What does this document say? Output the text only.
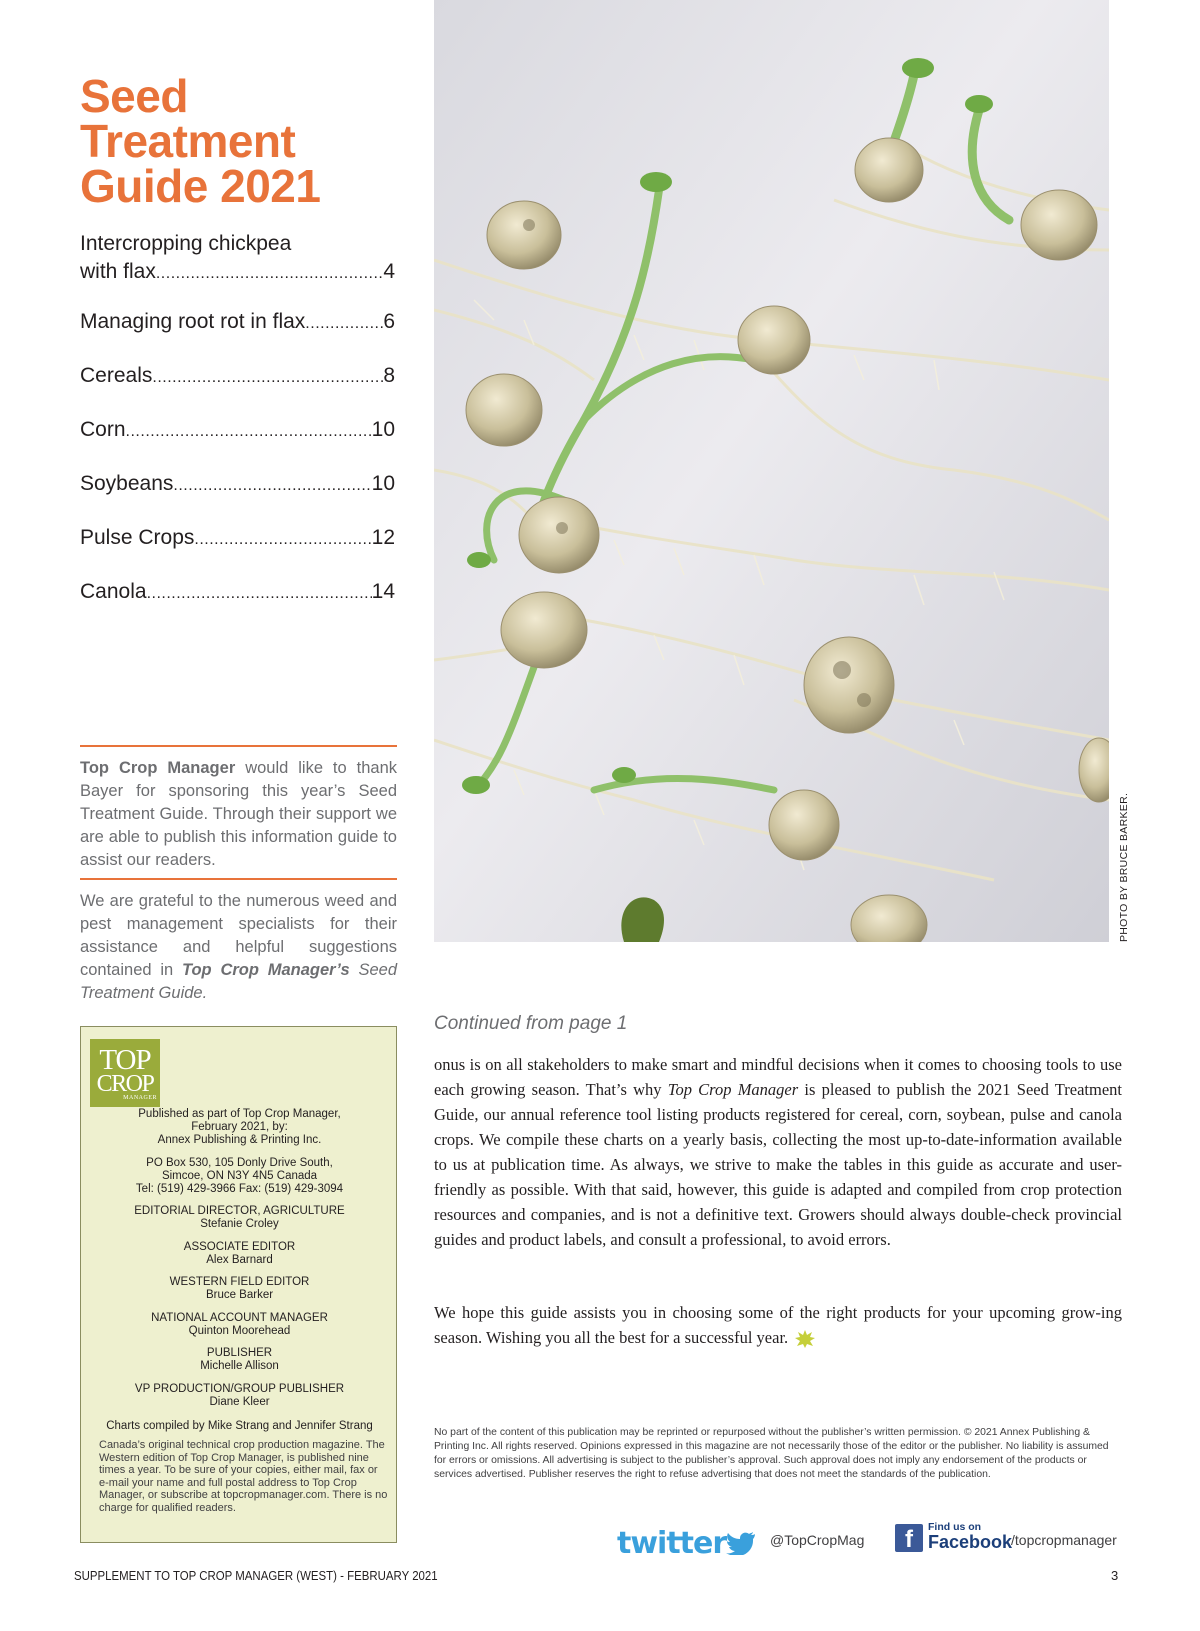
Seed
Treatment
Guide 2021
Intercropping chickpea
with flax .....	4
Managing root rot in flax .....	6
Cereals .....	8
Corn .....	10
Soybeans .....	10
Pulse Crops .....	12
Canola .....	14
Top Crop Manager would like to thank Bayer for sponsoring this year’s Seed Treatment Guide. Through their support we are able to publish this information guide to assist our readers.
We are grateful to the numerous weed and pest management specialists for their assistance and helpful suggestions contained in Top Crop Manager’s Seed Treatment Guide.
Published as part of Top Crop Manager,
February 2021, by:
Annex Publishing & Printing Inc.
PO Box 530, 105 Donly Drive South,
Simcoe, ON N3Y 4N5 Canada
Tel: (519) 429-3966 Fax: (519) 429-3094
EDITORIAL DIRECTOR, AGRICULTURE
Stefanie Croley
ASSOCIATE EDITOR
Alex Barnard
WESTERN FIELD EDITOR
Bruce Barker
NATIONAL ACCOUNT MANAGER
Quinton Moorehead
PUBLISHER
Michelle Allison
VP PRODUCTION/GROUP PUBLISHER
Diane Kleer
Charts compiled by Mike Strang and Jennifer Strang
Canada’s original technical crop production magazine. The Western edition of Top Crop Manager, is published nine times a year. To be sure of your copies, either mail, fax or e-mail your name and full postal address to Top Crop Manager, or subscribe at topcropmanager.com. There is no charge for qualified readers.
TOP
CROP
MANAGER
PHOTO BY BRUCE BARKER.
Continued from page 1
onus is on all stakeholders to make smart and mindful decisions when it comes to choosing tools to use each growing season. That’s why Top Crop Manager is pleased to publish the 2021 Seed Treatment Guide, our annual reference tool listing products registered for cereal, corn, soybean, pulse and canola crops. We compile these charts on a yearly basis, collecting the most up-to-date-information available to us at publication time. As always, we strive to make the tables in this guide as accurate and user-friendly as possible. With that said, however, this guide is adapted and compiled from crop protection resources and companies, and is not a definitive text. Growers should always double-check provincial guides and product labels, and consult a professional, to avoid errors.
We hope this guide assists you in choosing some of the right products for your upcoming grow-ing season. Wishing you all the best for a successful year.
No part of the content of this publication may be reprinted or repurposed without the publisher’s written permission. © 2021 Annex Publishing & Printing Inc. All rights reserved. Opinions expressed in this magazine are not necessarily those of the editor or the publisher. No liability is assumed for errors or omissions. All advertising is subject to the publisher’s approval. Such approval does not imply any endorsement of the products or services advertised. Publisher reserves the right to refuse advertising that does not meet the standards of the publication.
twitter	@TopCropMag	f	Find us on
Facebook
/topcropmanager
SUPPLEMENT TO TOP CROP MANAGER (WEST) - FEBRUARY 2021	3
